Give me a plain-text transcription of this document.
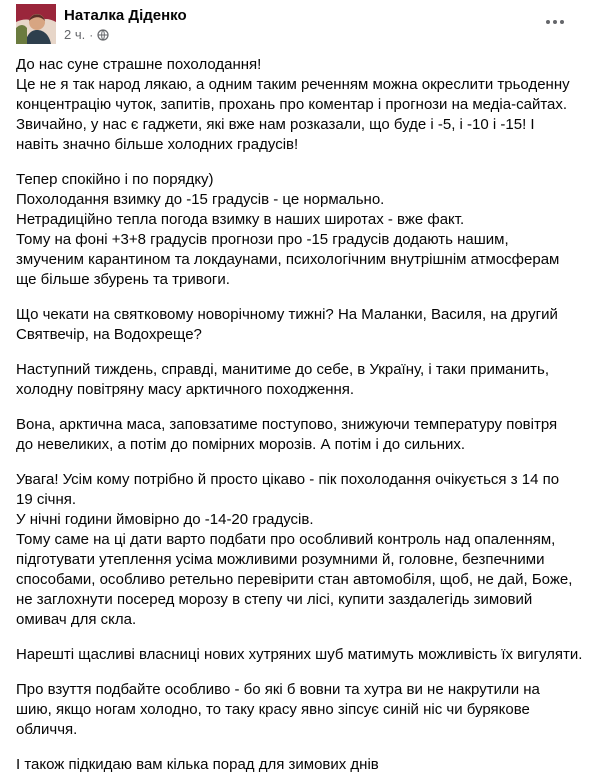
Наталка Діденко
2 ч. ·
До нас суне страшне похолодання!
Це не я так народ лякаю, а одним таким реченням можна окреслити трьоденну
концентрацію чуток, запитів, прохань про коментар і прогнози на медіа-сайтах.
Звичайно, у нас є гаджети, які вже нам розказали, що буде і -5, і -10 і -15! І
навіть значно більше холодних градусів!
Тепер спокійно і по порядку)
Похолодання взимку до -15 градусів - це нормально.
Нетрадиційно тепла погода взимку в наших широтах - вже факт.
Тому на фоні +3+8 градусів прогнози про -15 градусів додають нашим,
змученим карантином та локдаунами, психологічним внутрішнім атмосферам
ще більше збурень та тривоги.
Що чекати на святковому новорічному тижні? На Маланки, Василя, на другий
Святвечір, на Водохреще?
Наступний тиждень, справді, манитиме до себе, в Україну, і таки приманить,
холодну повітряну масу арктичного походження.
Вона, арктична маса, заповзатиме поступово, знижуючи температуру повітря
до невеликих, а потім до помірних морозів. А потім і до сильних.
Увага! Усім кому потрібно й просто цікаво - пік похолодання очікується з 14 по
19 січня.
У нічні години ймовірно до -14-20 градусів.
Тому саме на ці дати варто подбати про особливий контроль над опаленням,
підготувати утеплення усіма можливими розумними й, головне, безпечними
способами, особливо ретельно перевірити стан автомобіля, щоб, не дай, Боже,
не заглохнути посеред морозу в степу чи лісі, купити заздалегідь зимовий
омивач для скла.
Нарешті щасливі власниці нових хутряних шуб матимуть можливість їх вигуляти.
Про взуття подбайте особливо - бо які б вовни та хутра ви не накрутили на
шию, якщо ногам холодно, то таку красу явно зіпсує синій ніс чи бурякове
обличчя.
І також підкидаю вам кілька порад для зимових днів
